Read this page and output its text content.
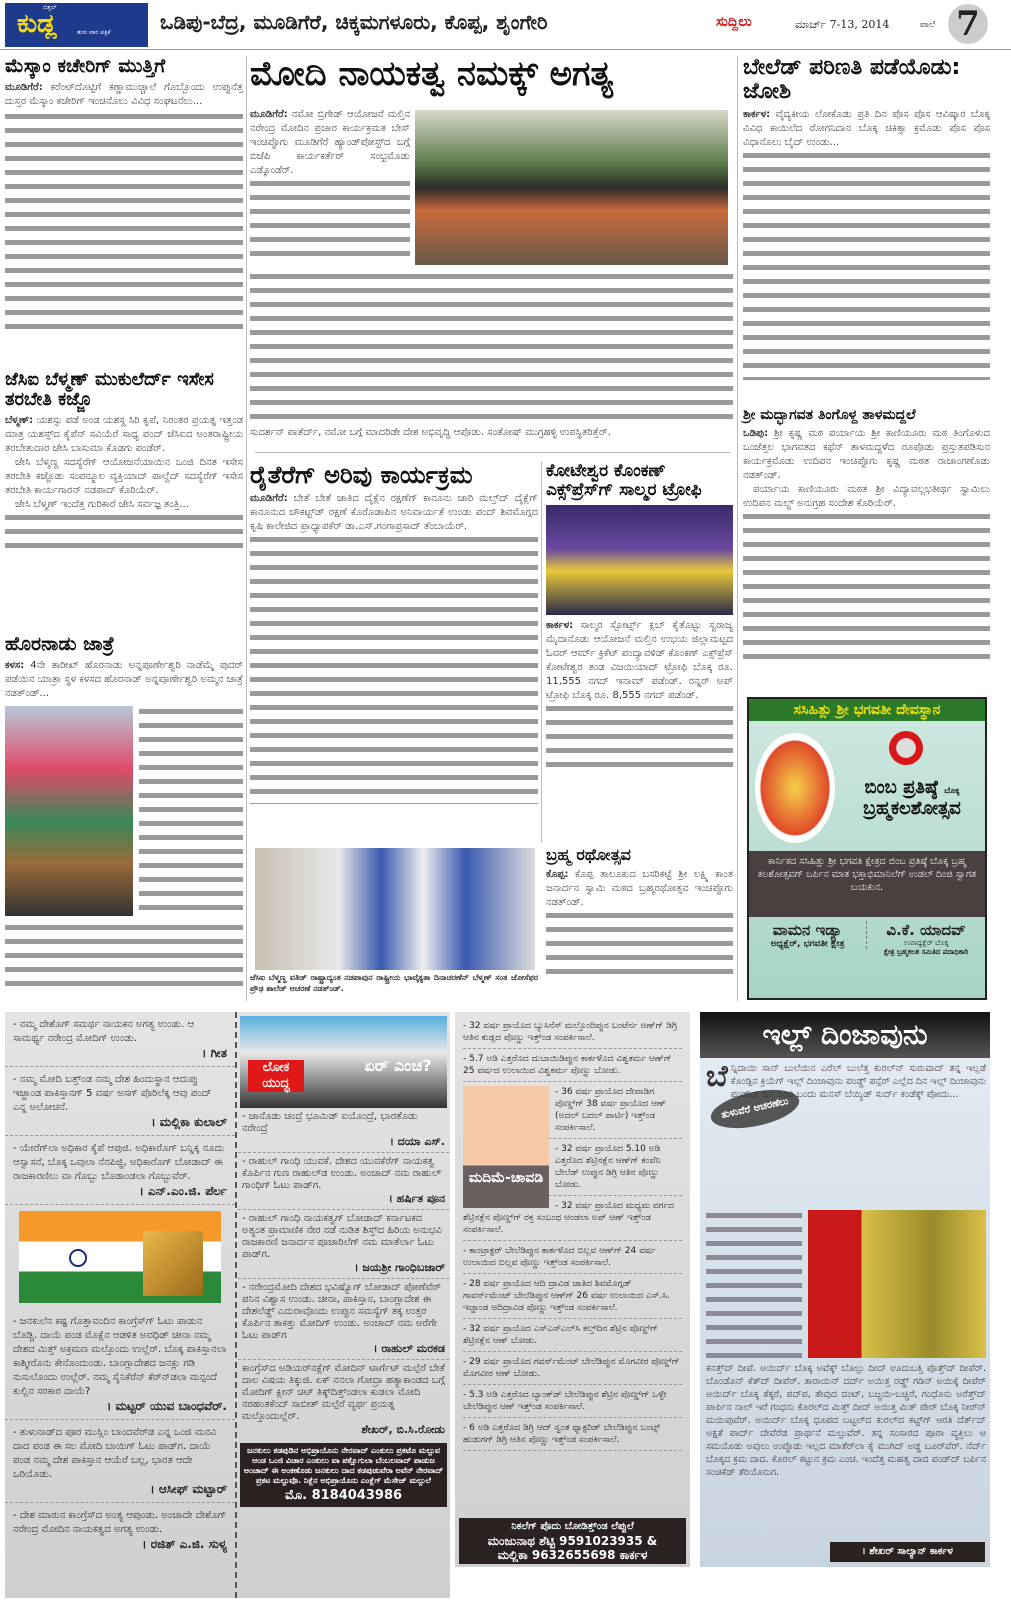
ಬಿತ್ತಲ್
ಕುಡ್ಲ	ತುಳು ವಾರ ಪತ್ರಿಕೆ ಒಡಿಪು-ಬೆದ್ರ, ಮೂಡಿಗೆರೆ, ಚಿಕ್ಕಮಗಳೂರು, ಕೊಪ್ಪ, ಶೃಂಗೇರಿ	ಸುದ್ದಿಲು	ಮಾರ್ಚ್ 7-13, 2014	ಪಾಲೆ 7
ಮೆಸ್ಕಾಂ ಕಚೇರಿಗ್ ಮುತ್ತಿಗೆ
ಮೂಡಿಗೆರೆ: ಕರೆಂಟ್‌ದೊಟ್ಟಿಗೆ ಕಣ್ಣಾಮುಚ್ಚಾಲೆ ಗೊಬ್ಬೊಂದು ಉಪ್ಪುನೆತ್ತ ದುಸ್ತರ ಮೆಸ್ಕಾಂ ಕಚೇರಿಗ್ ಇಂಚಿನೊಲು ವಿವಿಧ ಸಂಘಟನೆಲು...
ಜೆಸಿಐ ಬೆಳ್ಮಣ್ ಮುಕುಲೆರ್ದ್ ಇಸೇಸ ತರಬೇತಿ ಕಜ್ಜೊ
ಬೆಳ್ಮಣ್: ಯಶಸ್ಸು ಪಡೆ ಅಂಡ ಯಶಸ್ದ ಸಿರಿ ಕೃಪೆ, ನಿರಂತರ ಪ್ರಯತ್ನ ಇತ್ತಂಡ ಮಾತ್ರ ಯಶಸ್ಸ್‌ದ ಕೈಪೆನ್ ಸವಿಯೆರೆ ಸಾಧ್ಯ ಪಂದ್ ಜೆಸಿಐದ ಅಂತರಾಷ್ಟ್ರೀಯ ತರಬೇತುದಾರ ಜೇಸಿ ಬಾಸುಮಾ ಕೊಡಗು ಪಂಡೆರ್.
ಜೇಸಿ ಬೆಳ್ಮಣ್ದ ಸದಸ್ಯೆರೆಗ್ ಆಯೋಜನೆಯಾಯಿನ ಒಂಜಿ ದಿನತ ಇಸೇಸ ತರಬೇತಿ ಕಜ್ಜೊಡು ಸಂಪನ್ಮೂಲ ವ್ಯಕ್ತಿಯಾದ್ ಪಾಲ್ದೆದ್ ಸದಸ್ಯೆರೆಗ್ ಇಸೇಸ ತರಬೇತಿ ಕಾರ್ಯಗಾರನ್ ನಡಪಾದ್ ಕೊರಿಯೆರ್.
ಜೇಸಿ ಬೆಳ್ಮಣ್ ಇಂದೆತ್ತ ಗುರಿಕಾರೆ ಜೇಸಿ ಸರ್ವಜ್ಞ ತಂತ್ರಿ...
ಹೊರನಾಡು ಜಾತ್ರೆ
ಕಳಸ: 4ನೇ ತಾರೀಖ್ ಹೊರನಾಡು ಅನ್ನಪೂರ್ಣೇಶ್ವರಿ ನಾಡೆಮ್ಮೆ ಪುದರ್ ಪಡೆಯಿನ ಯಾತ್ರಾ ಸ್ಥಳ ಕಳಸದ ಹೊರನಾಡ್ ಅನ್ನಪೂರ್ಣೇಶ್ವರಿ ಅಮ್ಮನ ಜಾತ್ರೆ ನಡತ್ಂಡ್...
ಮೋದಿ ನಾಯಕತ್ವ ನಮಕ್ಕ್ ಅಗತ್ಯ
ಮೂಡಿಗೆರೆ: ನಮೋ ಬ್ರಿಗೇಡ್ ಆಯೋಜನೆ ಮಲ್ತಿನ ನರೇಂದ್ರ ಮೋದಿನ ಪ್ರಚಾರ ಕಾರ್ಯಕ್ರಮತ ಬೇಸ್ ಇಂಚಿಪ್ಪೊಗು ಮೂಡಿಗೆರೆ ಹ್ಯಾಂಡ್‌ಪೋಸ್ಟ್‌ದ ಬಗ್ಗೆ ಬಿಜೆಪಿ ಕಾರ್ಯಕರ್ತೆರ್ ಸಂಭ್ರಮೊಡು ಎಡ್ಕೊಂಡೆರ್.
ಸುದರ್ಶನ್ ಪಾತೆರ್ದ್, ನಮೋ ಬಗ್ಗೆ ಮಾದರಿಡೇ ದೇಶ ಅಭಿವೃದ್ಧಿ ಆಪೊಡು. ಸಂತೋಷ್ ಮುಗ್ರಹಳ್ಳಿ ಉಪಸ್ಥಿತರಿತ್ತೆರ್.
ರೈತೆರೆಗ್ ಅರಿವು ಕಾರ್ಯಕ್ರಮ
ಮೂಡಿಗೆರೆ: ಬೇತೆ ಬೇತೆ ಜಾತಿದ ದೈಕ್ಲೆನ ರಕ್ಷಣೆಗ್ ಕಾನೂನು ಜಾರಿ ಮಲ್ತ್‌ದ್ ದೈಕ್ಲೆಗ್ ಕಾನೂನುದ ಚೌಕಟ್ಟ್‌ಡ್ ರಕ್ಷಣೆ ಕೊರೊಡಾಪಿನ ಅನಿವಾರ್ಯತೆ ಉಂಡು ಪಂದ್ ಶಿವಮೊಗ್ಗದ ಕೃಷಿ ಕಾಲೇಜಿದ ಪ್ರಾಧ್ಯಾಪಕೆರ್ ಡಾ.ಎಸ್.ಗಂಗಾಪ್ರಸಾದ್ ತೆಂಬಾಯೆರ್.
ಜೆಸಿಐ ಬೆಳ್ಮಣ್ದ ವತಿಡ್ ರಾಷ್ಟ್ರಾದ್ಯಂತ ನಡಪಾವುನ ರಾಷ್ಟ್ರೀಯ ಭಾವೈಕ್ಯತಾ ದಿನಾಚರಣೆನ್ ಬೆಳ್ಮಣ್ ಸಂತ ಜೋಸೆಫರ ಪ್ರೌಢ ಶಾಲೆಡ್ ಆಚರಣೆ ನಡತ್ಂಡ್.
ಕೋಟೇಶ್ವರ ಕೊಂಕಣ್ ಎಕ್ಸ್‌ಪ್ರೆಸ್‌ಗ್ ಸಾಲ್ಮರ ಟ್ರೋಫಿ
ಕಾರ್ಕಳ: ಸಾಲ್ಮರ ಸ್ಪೋರ್ಟ್ಸ್ ಕ್ಲಬ್ ಕೈತೊಟ್ಟು ಸ್ವರಾಜ್ಯ ಮೈದಾನೊಡು ಆಯೋಜನೆ ಮಲ್ತಿನ ಉಭಯ ಜಿಲ್ಲಾಮಟ್ಟದ ಓವರ್ ಆರ್ಮ್ ಕ್ರಿಕೆಟ್ ಪಂದ್ಯಾವಳಿಡ್ ಕೊಂಕಣ್ ಎಕ್ಸ್‌ಪ್ರೆಸ್ ಕೋಟೇಶ್ವರ ತಂಡ ವಿಜಯಿಯಾದ್ ಟ್ರೋಫಿ ಬೊಕ್ಕ ರೂ. 11,555 ನಗದ್ ಇನಾಮ್ ಪಡೆಂಡ್. ರನ್ನರ್ ಅಪ್ ಟ್ರೋಫಿ ಬೊಕ್ಕ ರೂ. 8,555 ನಗದ್ ಪಡೆಂಡ್.
ಬ್ರಹ್ಮ ರಥೋತ್ಸವ
ಕೊಪ್ಪ: ಕೊಪ್ಪ ತಾಲೂಕುದ ಬಸರಿಕಟ್ಟೆ ಶ್ರೀ ಲಕ್ಷ್ಮಿ ಕಾಂತ ಜನಾರ್ದನ ಸ್ವಾಮಿ ಮಠದ ಬ್ರಹ್ಮರಥೋತ್ಸವ ಇಂಚಿಪ್ಪೊಗು ನಡತ್ಂಡ್.
ಬೇಲೆಡ್ ಪರಿಣತಿ ಪಡೆಯೊಡು: ಜೋಶಿ
ಕಾರ್ಕಳ: ವೈದ್ಯಕೀಯ ಲೋಕೊಡು ಪ್ರತಿ ದಿನ ಪೊಸ ಪೊಸ ಆವಿಷ್ಕಾರ ಬೊಕ್ಕ ವಿವಿಧ ಕಾಯಿಲೆದ ರೋಗನಿದಾನ ಬೊಕ್ಕ ಚಿಕಿತ್ಸಾ ಕ್ರಮೊಡು ಪೊಸ ಪೊಸ ವಿಧಾನೊಲು ಬೈದ್ ಉಂಡು...
ಶ್ರೀ ಮದ್ಭಾಗವತ ತಿಂಗೊಳ್ದ ತಾಳಮದ್ದಲೆ
ಒಡಿಪು: ಶ್ರೀ ಕೃಷ್ಣ ಮಠ ಪರ್ಯಾಯ ಶ್ರೀ ಕಾಣಿಯೂರು ಮಠ ತಿಂಗೊಳುದ ಒಂಜೆತ್ತಲ ಭಾಗವತದ ಕಥೆನ್ ತಾಳಮದ್ದಳೆದ ರೂಪೊಡು ಪ್ರಸ್ತುತಪಡಿಸುನ ಕಾರ್ಯಕ್ರಮೊಡು ಉದಿಪನ ಇಂಚಿಪ್ಪೊಗು ಕೃಷ್ಣ ಮಠತ ರಾಜಾಂಗಣೊಡು ನಡತ್ಂಡ್.
ಪರ್ಯಾಯ ಕಾಣಿಯೂರು ಮಠತ ಶ್ರೀ ವಿದ್ಯಾವಲ್ಲಭತೀರ್ಥ ಸ್ವಾಮಿಲು ಉದಿಪನ ಮಲ್ದ್ ಅನುಗ್ರಹ ಸಂದೇಶ ಕೊರಿಯೆರ್.
ಸಸಿಹಿತ್ಲು ಶ್ರೀ ಭಗವತೀ ದೇವಸ್ಥಾನ
ಬಿಂಬ ಪ್ರತಿಷ್ಠೆ ಬೊಕ್ಕ
ಬ್ರಹ್ಮಕಲಶೋತ್ಸವ
ಕಾರ್ನಿಕದ ಸಸಿಹಿತ್ಲು ಶ್ರೀ ಭಗವತಿ ಕ್ಷೇತ್ರದ ಬಿಂಬ ಪ್ರತಿಷ್ಠೆ ಬೊಕ್ಕ ಬ್ರಹ್ಮ ಕಲಶೋತ್ಸವಗ್ ಬರ್ಪಿನ ಮಾತ ಭಕ್ತಾಭಿಮಾನಿಲೆಗ್ ಉಡಲ್ ದಿಂಜಿ ಸ್ವಾಗತ ಬಯಕುನ.
ವಾಮನ ಇಡ್ಯಾ
ಅಧ್ಯಕ್ಷೆರ್, ಭಗವತೀ ಕ್ಷೇತ್ರ
ವಿ.ಕೆ. ಯಾದವ್
ಉಪಾಧ್ಯಕ್ಷೆರ್ ಬೊಕ್ಕ
ಕ್ಷೇತ್ರ ಬ್ರಹ್ಮಕಲಶ ಸಮಿತಿದ ಪದಾಧಿಕಾರಿ
- ನಮ್ಮ ದೇಶೊಗ್ ಸಮರ್ಥ ನಾಯಕನ ಅಗತ್ಯ ಉಂಡು. ಆ ಸಾಮರ್ಥ್ಯ ನರೇಂದ್ರ ಮೋದಿಗ್ ಉಂಡು.
। ಗೀತ
- ನಮ್ಮ ಮೋದಿ ಬತ್ತ್ಂಡ ನಮ್ಮ ದೇಶ ಹಿಂದುಸ್ಥಾನ ಆದುಪ್ಪು ಇಜ್ಜಾಂಡ ಪಾಕಿಸ್ತಾನಗ್ 5 ವರ್ಷ ಅಸಗ್ ಪೊರಿಲೆಕ್ಕ ಆವು ಪಂದ್ ಎನ್ನ ಅಲೋಚನೆ.
। ಮಲ್ಲಿಕಾ ಕುಲಾಲ್
- ಯೇರೆಗ್‌ಲಾ ಅಧಿಕಾರ ಕೈಪೆ ಆಪುಜಿ. ಅಧಿಕಾರೊಗ್ ಬನ್ನಿಕ್ಕ ನೂದು ಆಸ್ವಾಸನೆ, ಬೊಕ್ಕ ಒವುಲಾ ನೆನಪಿಜ್ಜಿ, ಅಧಿಕಾರೊಗ್ ಬೋಡಾದ್ ಈ ರಾಜಕಾರಣಿಲು ವಾ ಗೊಬ್ಬು ಬೊಡಾಂಡಲಾ ಗೊಬ್ಬುವೆರ್.
। ಎನ್.ಎಂ.ಜಿ. ಪೆರ್ಲ
- ಜನಕುಲೆನ ಕಷ್ಟ ಗೊತ್ತಾವಂದಿನ ಕಾಂಗ್ರೆಸ್‌ಗ್ ಓಟು ಪಾಡುನ ಬೊಡ್ಚಿ. ದಾಯೆ ಪಂಡ ಮೊಕ್ಲೆನ ಆಡಳಿತ ಅವಧಿಡ್ ಚೀನಾ ನಮ್ಮ ದೇಶದ ಮಿತ್ತ್ ಅಕ್ರಮಣ ಮಲ್ತೊಂದು ಉಲ್ಲೆರ್. ಬೊಕ್ಕ ಪಾಕಿಸ್ತಾನಲಾ ಕಾಶ್ಮೀರೊನು ಕೇನೊಂದುಂಡು. ಬಾಂಗ್ಲಾದೇಶದ ಜನಕ್ಲು ಗಡಿ ನುಸುಲೊಂದು ಉಲ್ಲೆರ್. ನಮ್ಮ ಸೈನಿಕೆರೆನ್ ಕೆರ್‌ನ್‌ಡಲಾ ಮನ್ಪಂದೆ ಕುಲ್ಲಿನ ಸರಕಾರ ದಾಯೆ?
। ಮಟ್ಟರ್ ಯುವ ಬಾಂಧವೆರ್.
- ತುಳುನಾಡ್‌ದ ಪೂರ ಮುಸ್ಲಿಂ ಬಾಂದವೆರ್‌ಡ ಎನ್ನ ಒಂಜಿ ಮನವಿ ದಾದ ಪಂಡ ಈ ಸಲ ಮೋದಿ ಬಾಯಿಗ್ ಓಟು ಪಾಡ್‌ಗ. ದಾಯೆ ಪಂಡ ನಮ್ಮ ದೇಶ ಪಾಕಿಸ್ತಾನ ಆಯೆರೆ ಬಲ್ಲ, ಭಾರತ ಆದೇ ಒರಿಯೊಡು.
। ಆಸೀಫ್ ಮಟ್ಟಾರ್
- ದೇಶ ಮಾರುನ ಕಾಂಗ್ರೆಸ್‌ದ ಅಂತ್ಯ ಆಪುಂಡು. ಅಂಚಾದೇ ದೇಶೊಗ್ ನರೇಂದ್ರ ಮೋದಿನ ನಾಯಕತ್ವದ ಅಗತ್ಯ ಉಂಡು.
। ರಜಿತ್ ಎ.ಜಿ. ಸುಳ್ಯ
ಲೋಕ ಯುದ್ಧ
ಏರ್ ಎಂಚ?
- ಜಾನೊಡು ಚಂದ್ರೆ ಭೂಮಿಡ್ ಐಯೊಂದ್ರೆ, ಭಾರತೊಡು ನರೇಂದ್ರೆ
। ದಯಾ ಎಸ್.
- ರಾಹುಲ್ ಗಾಂಧಿ ಯುವಕೆ. ದೇಶದ ಯುವಕೆರೆಗ್ ನಾಯಕತ್ವ ಕೊರ್ಪಿನ ಗುಣ ರಾಹುಲ್‌ಡ ಉಂಡು. ಅಂಚಾದ್ ನಮ ರಾಹುಲ್ ಗಾಂಧಿಗ್ ಓಟು ಪಾಡ್‌ಗ.
। ಹರ್ಷಿತ ಪೂನ
- ರಾಹುಲ್ ಗಾಂಧಿ ನಾಯಕತ್ವಗ್ ಬೋಡಾದ್ ಕರ್ನಾಟಕದ ಅತ್ಯಂತ ಪ್ರಾಮಾಣಿಕ ನೇರ ನಡೆ ನುಡಿತ ಶಿಸ್ತ್‌ದ ಹಿರಿಯ ಅನುಭವಿ ರಾಜಕಾರಣಿ ಜನಾರ್ದನ ಪೂಜಾರಿಲೆಗ್ ನಮ ಮಾತೆರ್ಲಾ ಓಟು ಪಾಡ್‌ಗ.
। ಜಯಶ್ರೀ ಗಾಂಧಿಬಜಾರ್
- ನರೇಂದ್ರಮೋದಿ ದೇಶದ ಭವಿಷ್ಯೊಗ್ ಬೋಡಾದ್ ಪೋಣೆವೆರ್ ಪನಿನ ವಿಶ್ವಾಸ ಉಂಡು. ಚೀನಾ, ಪಾಕಿಸ್ತಾನ, ಬಾಂಗ್ಲಾದೇಶ ಈ ದೇಶಲೆಡ್ದ್ ಎದುರಾವೊಂದು ಉಪ್ಪುನ ಸಮಸ್ಯೆಗ್ ತಕ್ಕ ಉತ್ತರ ಕೊರ್ಪಿನ ತಾಕತ್ತು ಮೋದಿಗ್ ಉಂಡು. ಅಂಚಾದ್ ನಮ ಅರೆಗೇ ಓಟು ಪಾಡ್‌ಗ
। ರಾಹುಲ್ ಮರಕಡ
ಕಾಂಗ್ರೆಸ್‌ದ ಅಡಿಯರ್‌ನಕ್ಲೆಗ್ ಮೋದಿನ್ ಟಾರ್ಗೆಟ್ ಮಲ್ಪೆರೆ ಬೇತೆ ದಾಲ ವಿಷಯ ತಿಕ್ಕುಜಿ. ಏಕ್ ನನಲಾ ಗೋದ್ರಾ ಹತ್ಯಾಕಾಂಡದ ಬಗ್ಗೆ ಮೋದಿಗ್ ಕ್ಲೀನ್ ಚಿಟ್ ತಿಕ್ಕ್‌ದಿತ್ತ್ಂಡಲಾ ಕುಡಲಾ ಮೋದಿ ನರಹಂತಕೆಂದ್ ಸಾಬೀತ್ ಮಲ್ಪೆರೆ ವ್ಯರ್ಥ ಪ್ರಯತ್ನ ಮಲ್ತೊಂದುಲ್ಲೆರ್.
ಶೇಖರ್, ಬಿ.ಸಿ.ರೋಡು
ಜನಕುಲು ಕಡಪುಡಿನ ಅಭಿಪ್ರಾಯೊನು ನೇರವಾದ್ ಎಂಕುಲು ಪ್ರಕಟೊ ಮಲ್ಪುವ ಆಂಡ ಒಂಜಿ ವಿಚಾರ ಎಂಕುಲು ವಾ ಪಕ್ಷೊಗುಲಾ ಬೆಂಬಲವಾದ್ ಪಾಡುಜ ಅಂಚಾದ್ ಈ ಅಂಕಣೊಡು ಜನಕುಲು ದಾದ ಕಡಪುಡುವೆರಾ ಅವೆನ್ ನೇರವಾದ್ ಪ್ರಕಟ ಮಲ್ಪುವೊ. ನಿಕ್ಲೆನ ಅಭಿಪ್ರಾಯೊನು ಎಂಕ್ಲೆಗ್ ಮೆಸೇಜ್ ಮಲ್ಪುಲೆ
ಮೊ. 8184043986
- 32 ವರ್ಷ ಪ್ರಾಯೊದ ಬ್ಯುಸಿನೆಸ್ ಮಲ್ತೊಂದಿಪ್ಪುನ ಬಂಟೆರ್ನ ಆಣ್‌ಗ್ ಡಿಗ್ರಿ ಆತಿನ ಕುಡ್ಲದ ಪೊಣ್ಣು ಇತ್ತ್ಂಡ ಸಂಪರ್ಕಿಸಾಲೆ.
- 5.7 ಅಡಿ ಎತ್ತರೊದ ದುಬಾಯಿಡಿಪ್ಪುನ ಕಾರ್ಕಳೊದ ವಿಶ್ವಕರ್ಮ ಆಣ್‌ಗ್ 25 ವರ್ಷದ ಉಲಾಯಿದ ವಿಶ್ವಕರ್ಮ ಪೊಣ್ಣು ಬೋಡು.
ಮದಿಮೆ-ಚಾವಡಿ
- 36 ವರ್ಷ ಪ್ರಾಯೊದ ದೇವಾಡಿಗ ಪೊಣ್ಣ್‌ಗ್ 38 ವರ್ಷ ಪ್ರಾಯೊದ ಆಣ್ (ಅದಲ್ ಬದಲ್ ಪಾರ್ಟಿ) ಇತ್ತ್ಂಡ ಸಂಪರ್ಕಿಸಾಲೆ.
- 32 ವರ್ಷ ಪ್ರಾಯೊದ 5.10 ಅಡಿ ಎತ್ತರೊದ ಶೆಟ್ರಿನಕ್ಲೆನ ಆಣ್‌ಗ್ ಕಂಪೆನಿ ಬೇಲೆಡ್ ಉಪ್ಪುನ ಡಿಗ್ರಿ ಆತಿನ ಪೊಣ್ಣು ಬೋಡು.
- 32 ವರ್ಷ ಪ್ರಾಯೊದ ಮಧ್ಯಮ ವರ್ಗದ ಶೆಟ್ರಿನಕ್ಲೆನ ಪೊಣ್ಣ್‌ಗ್ ರಕ್ತ ಸಂಬಂಧ ಆಂಡಲಾ ಅಪ್ ಆಣ್ ಇತ್ತ್ಂಡ ಸಂಪರ್ಕಿಸಾಲೆ.
- ಕಾಂಟ್ರಾಕ್ಟರ್ ಬೇಲೆಡಿಪ್ಪುನ ಕಾರ್ಕಳೊದ ಬಿಲ್ಲವ ಆಣ್‌ಗ್ 24 ವರ್ಷ ಉಲಾಯಿದ ಬಿಲ್ಲವ ಪೊಣ್ಣು ಇತ್ತ್ಂಡ ಸಂಪರ್ಕಿಸಾಲೆ.
- 28 ವರ್ಷ ಪ್ರಾಯೊದ ಆದಿ ದ್ರಾವಿಡ ಜಾತಿದ ಶಿವಮೊಗ್ಗಡ್ ಗಾವರ್ನ್‌ಮೆಂಟ್ ಬೇಲೆಡಿಪ್ಪುನ ಆಣ್‌ಗ್ 26 ವರ್ಷ ಉಲಾಯಿದ ಎಸ್.ಸಿ. ಇಜ್ಜಾಂಡ ಆದಿದ್ರಾವಿಡ ಪೊಣ್ಣು ಇತ್ತ್ಂಡ ಸಂಪರ್ಕಿಸಾಲೆ.
- 32 ವರ್ಷ ಪ್ರಾಯೊದ ಎಸ್‌ಎಸ್‌ಎಲ್‌ಸಿ ಕಲ್ತ್‌ದಿನ ಶೆಟ್ರಿನ ಪೊಣ್ಣ್‌ಗ್ ಶೆಟ್ರಿನಕ್ಲೆನ ಆಣ್ ಬೋಡು.
- 29 ವರ್ಷ ಪ್ರಾಯೊದ ಗವರ್ನ್‌ಮೆಂಟ್ ಬೇಲೆಡಿಪ್ಪುನ ಮೊಗವೀರ ಪೊಣ್ಣ್‌ಗ್ ಮೊಗವೀರ ಆಣ್ ಬೋಡು.
- 5.3 ಅಡಿ ಎತ್ತರೊದ ಬ್ಯಾಂಕ್‌ಡ್ ಬೇಲೆಡಿಪ್ಪುನ ಶೆಟ್ರಿನ ಪೊಣ್ಣ್‌ಗ್ ಒಳ್ಳೇ ಬೇಲೆಡಿಪ್ಪುನ ಆಣ್ ಇತ್ತ್ಂಡ ಸಂಪರ್ಕಿಸಾಲೆ.
- 6 ಅಡಿ ಎತ್ತರೊದ ಡಿಗ್ರಿ ಆದ್ ಸ್ವಂತ ಫ್ಯಾಕ್ಟರಿಡ್ ಬೇಲೆಡಿಪ್ಪುನ ಬಂಟ್ಸ್ ಹುಡುಗಗ್ ಡಿಗ್ರಿ ಆತಿನ ಪೊಣ್ಣು ಇತ್ತ್ಂಡ ಸಂಪರ್ಕಿಸಾಲೆ.
ನಿಕಲೆಗ್ ಪೊದು ಬೋಡಿತ್ತ್ಂಡ ಲೆಪ್ಪುಲೆ
ಮಂಜುನಾಥ ಶೆಟ್ಟಿ 9591023935 &
ಮಲ್ಲಿಕಾ 9632655698 ಕಾರ್ಕಳ
ಇಲ್ಲ್ ದಿಂಜಾವುನು
ತುಳುವೆರೆ ಆಚರಣೆಲು
ಬೆ ನ್ನಿದಾಯಿ ಸಾನ್ ಬುಲೆಯಿನ ಎರೆಲ್ ಬುಲೆತ್ತ ಕುರಲ್‌ನ್ ಸುರುವಾದ್ ತನ್ನ ಇಲ್ಲಡೆ ಕೊಂಡ್ಪಿನ ಕ್ರಿಯೆಗ್ ಇಲ್ಲ್ ದಿಂಜಾವುನು ಪಂಡ್ದ್ ಪನ್ಪೆರ್ ಎಲ್ಲೆದ ದಿನ ಇಲ್ಲ್ ದಿಂಜಾವುನು ಪಂಡ್‌ದ್ ದಿನ ದಿಂಜಿ ಬಂದು ಮನಸ್ ಬೆಯ್ಯಿಡ್ ಸುರ್ದ್ ಕಂಡೆಕ್ಕ್ ಪೋದು...
ಕನತ್ತ್‌ದ್ ದೀಪೆ. ಅಯಿರ್ದ್ ಬೊಕ್ಕ ಅವೆಕ್ಕ್ ಬೊಲ್ಪು ದೀದ್ ಊದುಬತ್ತಿ ಪೊತ್ತ್‌ದ್ ದೀಪೆರ್. ಬೊಂಡೊನ್ ಕೆತ್‌ದ್ ದೀಪೆರ್. ತಾರಾಯಿನ್ ದರ್ದ್ ಅಯಿತ್ತ ರಡ್ಡ್ ಗಡಿನ್ ಅಯಿಕ್ಕೆ ದೀಪೆರ್ ಅಯಿರ್ದ್ ಬೊಕ್ಕ ತೆಕ್ಕರೆ, ಪದ್‌ಪ, ತೇವುದ ದಂಟ್, ಬಜ್ಜಯಿ-ಬಚ್ಚಿರೆ, ಗಂಧೊನು ಅರೆತ್ತ್‌ದ್ ಪಾರ್ಪಿನ ನಾಲ್ ಇರೆ ಗಂಧನು ಕೊರಲ್‌ದ ಮಿತ್ತ್ ದೀದ್ ಅಯಿತ್ತ ಮಿತ್ ಪೇರ್ ಬೊಕ್ಕ ನೀರ್‌ನ್ ಮಯಿಪುವೆರ್. ಅಯಿರ್ದ್ ಬೊಕ್ಕ ಧೂಪದ ಬಟ್ಟಲ್‌ದ ಕುರಲ್‌ದ ಕಟ್ಟ್‌ಗ್ ಆರತಿ ದೆರ್ತ್‌ದ್ ಅಕ್ಷತೆ ಪಾರ್ದ್ ದೇವೆರೆಡ ಪ್ರಾರ್ಥನೆ ಮಲ್ಪುವೆರ್. ತನ್ನ ಸಂಸಾರದ ಪೂರಾ ವ್ಯಕ್ತಿಲು ಆ ಸಮಯೊಡು ಅವುಲು ಉಪ್ಪೊಡು ಇಲ್ಲದ ಮಾತೆರ್‌ಲಾ ಕೈ ಮುಗಿದ್ ಅಡ್ಡ ಬೂರ್‌ವೆರ್. ನೆರ್ದ್ ಬೊಕ್ಕದ ಕ್ರಮ ದಾದ. ಕೊರಲ್ ಕಟ್ಟುನ ಕ್ರಮ ಎಂಚ. ಇಂದೆತ್ತ ಮಹತ್ವ ದಾದ ಪಂಡ್‌ದ್ ಬರ್ಪಿನ ಸಂಚಿಕೆಡ್ ತೆರಿಯೊನುಗ.
। ಶೇಖರ್ ಸಾಲ್ಯಾನ್ ಕಾರ್ಕಳ
